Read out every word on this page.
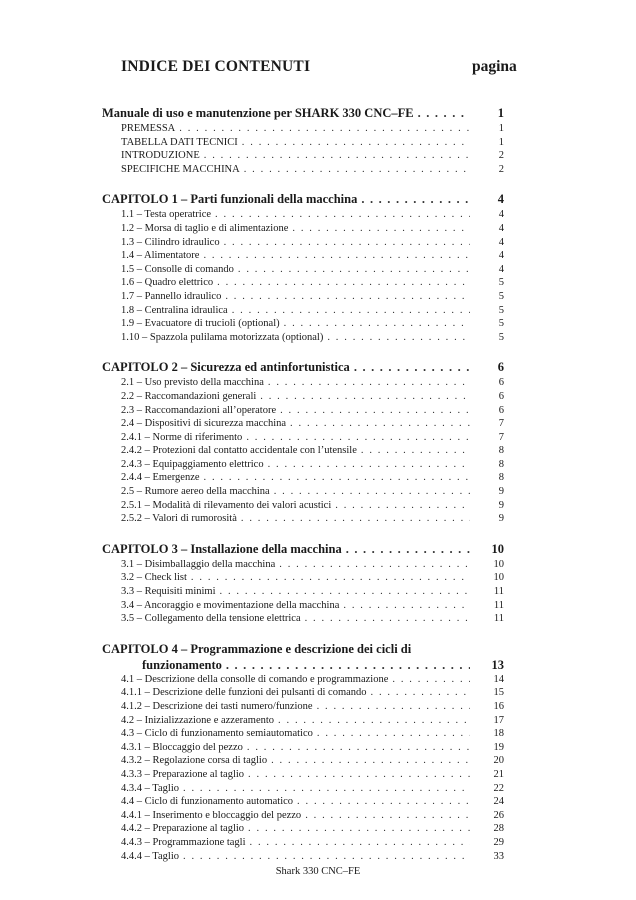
INDICE DEI CONTENUTI	pagina
Manuale di uso e manutenzione per SHARK 330 CNC–FE . . .	1
PREMESSA . . .	1
TABELLA DATI TECNICI . . .	1
INTRODUZIONE . . .	2
SPECIFICHE MACCHINA . . .	2
CAPITOLO 1 – Parti funzionali della macchina . . .	4
1.1 – Testa operatrice . . .	4
1.2 – Morsa di taglio e di alimentazione . . .	4
1.3 – Cilindro idraulico . . .	4
1.4 – Alimentatore . . .	4
1.5 – Consolle di comando . . .	4
1.6 – Quadro elettrico . . .	5
1.7 – Pannello idraulico . . .	5
1.8 – Centralina idraulica . . .	5
1.9 – Evacuatore di trucioli (optional) . . .	5
1.10 – Spazzola pulilama motorizzata (optional) . . .	5
CAPITOLO 2 – Sicurezza ed antinfortunistica . . .	6
2.1 – Uso previsto della macchina . . .	6
2.2 – Raccomandazioni generali . . .	6
2.3 – Raccomandazioni all’operatore . . .	6
2.4 – Dispositivi di sicurezza macchina . . .	7
2.4.1 – Norme di riferimento . . .	7
2.4.2 – Protezioni dal contatto accidentale con l’utensile . . .	8
2.4.3 – Equipaggiamento elettrico . . .	8
2.4.4 – Emergenze . . .	8
2.5 – Rumore aereo della macchina . . .	9
2.5.1 – Modalità di rilevamento dei valori acustici . . .	9
2.5.2 – Valori di rumorosità . . .	9
CAPITOLO 3 – Installazione della macchina . . .	10
3.1 – Disimballaggio della macchina . . .	10
3.2 – Check list . . .	10
3.3 – Requisiti minimi . . .	11
3.4 – Ancoraggio e movimentazione della macchina . . .	11
3.5 – Collegamento della tensione elettrica . . .	11
CAPITOLO 4 – Programmazione e descrizione dei cicli di
funzionamento . . .	13
4.1 – Descrizione della consolle di comando e programmazione . . .	14
4.1.1 – Descrizione delle funzioni dei pulsanti di comando . . .	15
4.1.2 – Descrizione dei tasti numero/funzione . . .	16
4.2 – Inizializzazione e azzeramento . . .	17
4.3 – Ciclo di funzionamento semiautomatico . . .	18
4.3.1 – Bloccaggio del pezzo . . .	19
4.3.2 – Regolazione corsa di taglio . . .	20
4.3.3 – Preparazione al taglio . . .	21
4.3.4 – Taglio . . .	22
4.4 – Ciclo di funzionamento automatico . . .	24
4.4.1 – Inserimento e bloccaggio del pezzo . . .	26
4.4.2 – Preparazione al taglio . . .	28
4.4.3 – Programmazione tagli . . .	29
4.4.4 – Taglio . . .	33
Shark 330 CNC–FE
